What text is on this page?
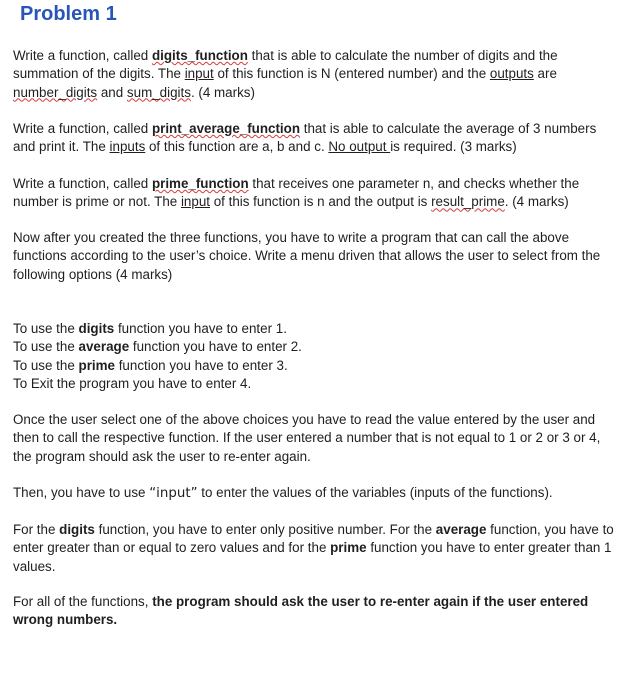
Problem 1

Write a function, called digits_function that is able to calculate the number of digits and the summation of the digits. The input of this function is N (entered number) and the outputs are number_digits and sum_digits. (4 marks)

Write a function, called print_average_function that is able to calculate the average of 3 numbers and print it. The inputs of this function are a, b and c. No output is required. (3 marks)

Write a function, called prime_function that receives one parameter n, and checks whether the number is prime or not. The input of this function is n and the output is result_prime. (4 marks)

Now after you created the three functions, you have to write a program that can call the above functions according to the user’s choice. Write a menu driven that allows the user to select from the following options (4 marks)

To use the digits function you have to enter 1.
To use the average function you have to enter 2.
To use the prime function you have to enter 3.
To Exit the program you have to enter 4.

Once the user select one of the above choices you have to read the value entered by the user and then to call the respective function. If the user entered a number that is not equal to 1 or 2 or 3 or 4, the program should ask the user to re-enter again.

Then, you have to use “input” to enter the values of the variables (inputs of the functions).

For the digits function, you have to enter only positive number. For the average function, you have to enter greater than or equal to zero values and for the prime function you have to enter greater than 1 values.

For all of the functions, the program should ask the user to re-enter again if the user entered wrong numbers.
